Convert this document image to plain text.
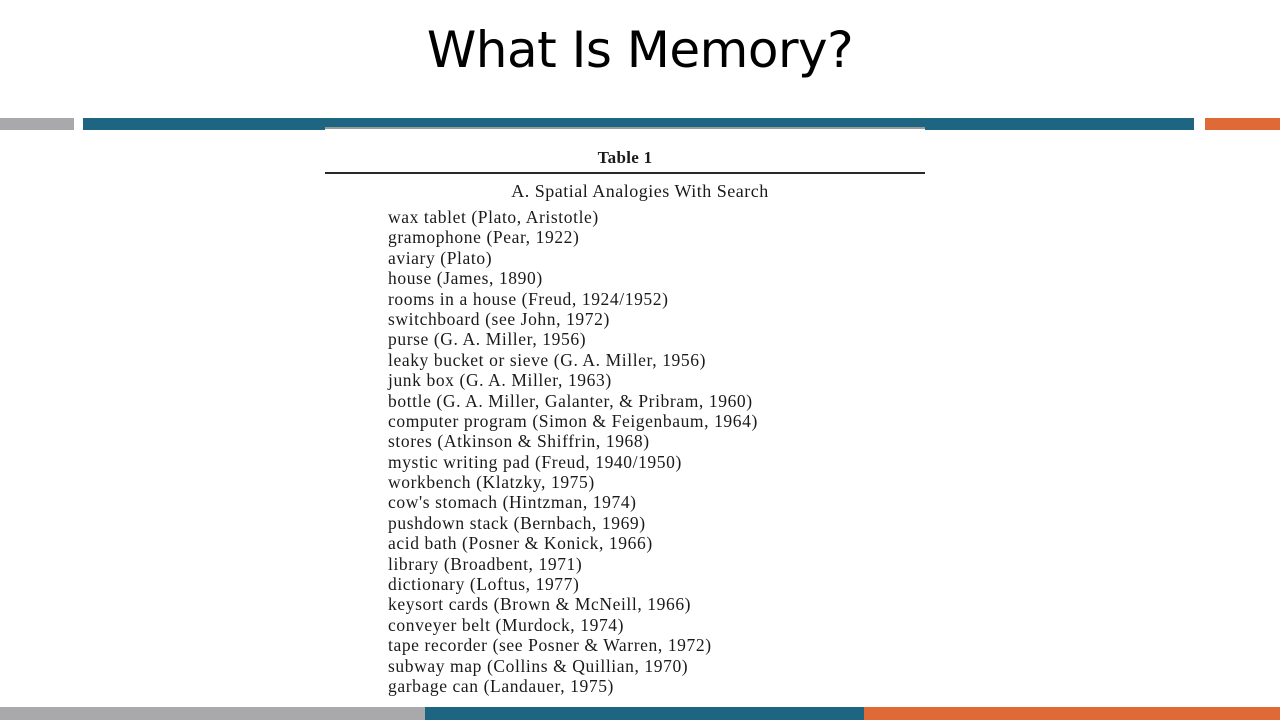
What Is Memory?
Table 1
A. Spatial Analogies With Search
wax tablet (Plato, Aristotle)
gramophone (Pear, 1922)
aviary (Plato)
house (James, 1890)
rooms in a house (Freud, 1924/1952)
switchboard (see John, 1972)
purse (G. A. Miller, 1956)
leaky bucket or sieve (G. A. Miller, 1956)
junk box (G. A. Miller, 1963)
bottle (G. A. Miller, Galanter, & Pribram, 1960)
computer program (Simon & Feigenbaum, 1964)
stores (Atkinson & Shiffrin, 1968)
mystic writing pad (Freud, 1940/1950)
workbench (Klatzky, 1975)
cow's stomach (Hintzman, 1974)
pushdown stack (Bernbach, 1969)
acid bath (Posner & Konick, 1966)
library (Broadbent, 1971)
dictionary (Loftus, 1977)
keysort cards (Brown & McNeill, 1966)
conveyer belt (Murdock, 1974)
tape recorder (see Posner & Warren, 1972)
subway map (Collins & Quillian, 1970)
garbage can (Landauer, 1975)
